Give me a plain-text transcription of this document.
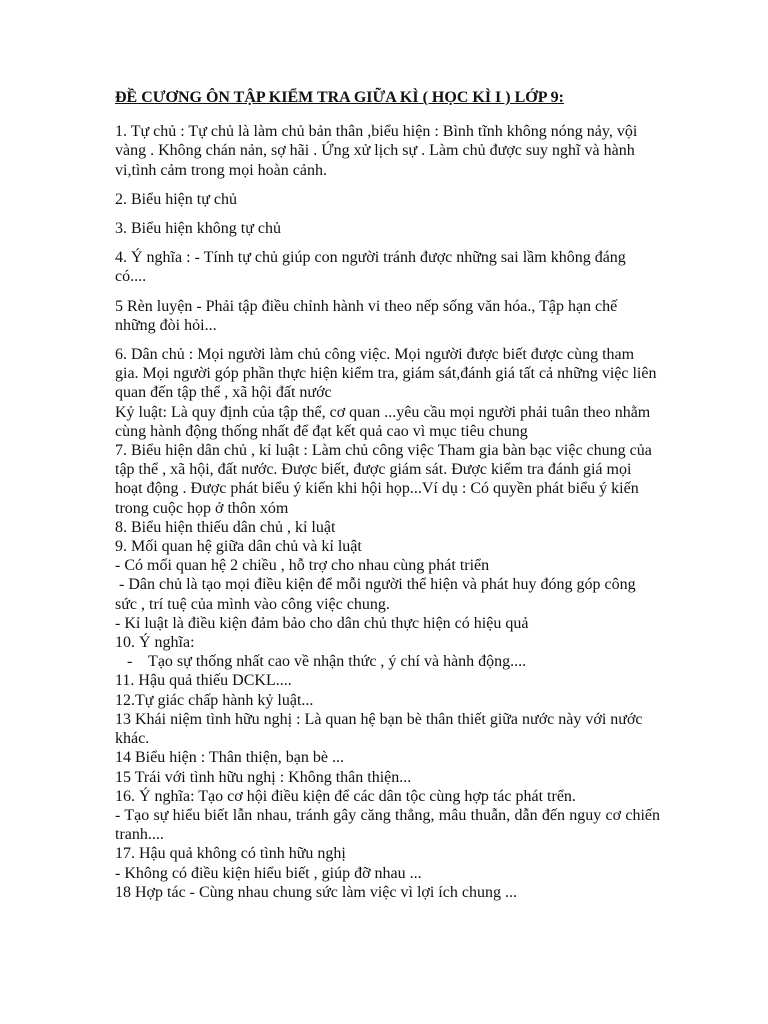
ĐỀ CƯƠNG ÔN TẬP KIỂM TRA GIỮA KÌ ( HỌC KÌ I ) LỚP 9:

1. Tự chủ : Tự chủ là làm chủ bản thân ,biểu hiện : Bình tĩnh không nóng nảy, vội vàng . Không chán nản, sợ hãi . Ứng xử lịch sự . Làm chủ được suy nghĩ và hành vi,tình cảm trong mọi hoàn cảnh.

2. Biểu hiện tự chủ

3. Biểu hiện không tự chủ

4. Ý nghĩa : - Tính tự chủ giúp con người tránh được những sai lầm không đáng có....

5 Rèn luyện - Phải tập điều chỉnh hành vi theo nếp sống văn hóa., Tập hạn chế những đòi hỏi...

6. Dân chủ : Mọi người làm chủ công việc. Mọi người được biết được cùng tham gia. Mọi người góp phần thực hiện kiểm tra, giám sát,đánh giá tất cả những việc liên quan đến tập thể , xã hội đất nước

Kỷ luật: Là quy định của tập thể, cơ quan ...yêu cầu mọi người phải tuân theo nhằm cùng hành động thống nhất để đạt kết quả cao vì mục tiêu chung

7. Biểu hiện dân chủ , kỉ luật : Làm chủ công việc Tham gia bàn bạc việc chung của tập thể , xã hội, đất nước. Được biết, được giám sát. Được kiểm tra đánh giá mọi hoạt động . Được phát biểu ý kiến khi hội họp...Ví dụ : Có quyền phát biểu ý kiến trong cuộc họp ở thôn xóm

8. Biểu hiện thiếu dân chủ , kỉ luật

9. Mối quan hệ giữa dân chủ và kỉ luật

- Có mối quan hệ 2 chiều , hỗ trợ cho nhau cùng phát triển

- Dân chủ là tạo mọi điều kiện để mỗi người thể hiện và phát huy đóng góp công sức , trí tuệ của mình vào công việc chung.

- Kỉ luật là điều kiện đảm bảo cho dân chủ thực hiện có hiệu quả

10. Ý nghĩa:

-    Tạo sự thống nhất cao về nhận thức , ý chí và hành động....

11. Hậu quả thiếu DCKL....

12.Tự giác chấp hành kỷ luật...

13 Khái niệm tình hữu nghị : Là quan hệ bạn bè thân thiết giữa nước này với nước khác.

14 Biểu hiện : Thân thiện, bạn bè ...

15 Trái với tình hữu nghị : Không thân thiện...

16. Ý nghĩa: Tạo cơ hội điều kiện để các dân tộc cùng hợp tác phát trển.

- Tạo sự hiểu biết lẫn nhau, tránh gây căng thẳng, mâu thuẫn, dẫn đến nguy cơ chiến tranh....

17. Hậu quả không có tình hữu nghị

- Không có điều kiện hiểu biết , giúp đỡ nhau ...

18 Hợp tác - Cùng nhau chung sức làm việc vì lợi ích chung ...
